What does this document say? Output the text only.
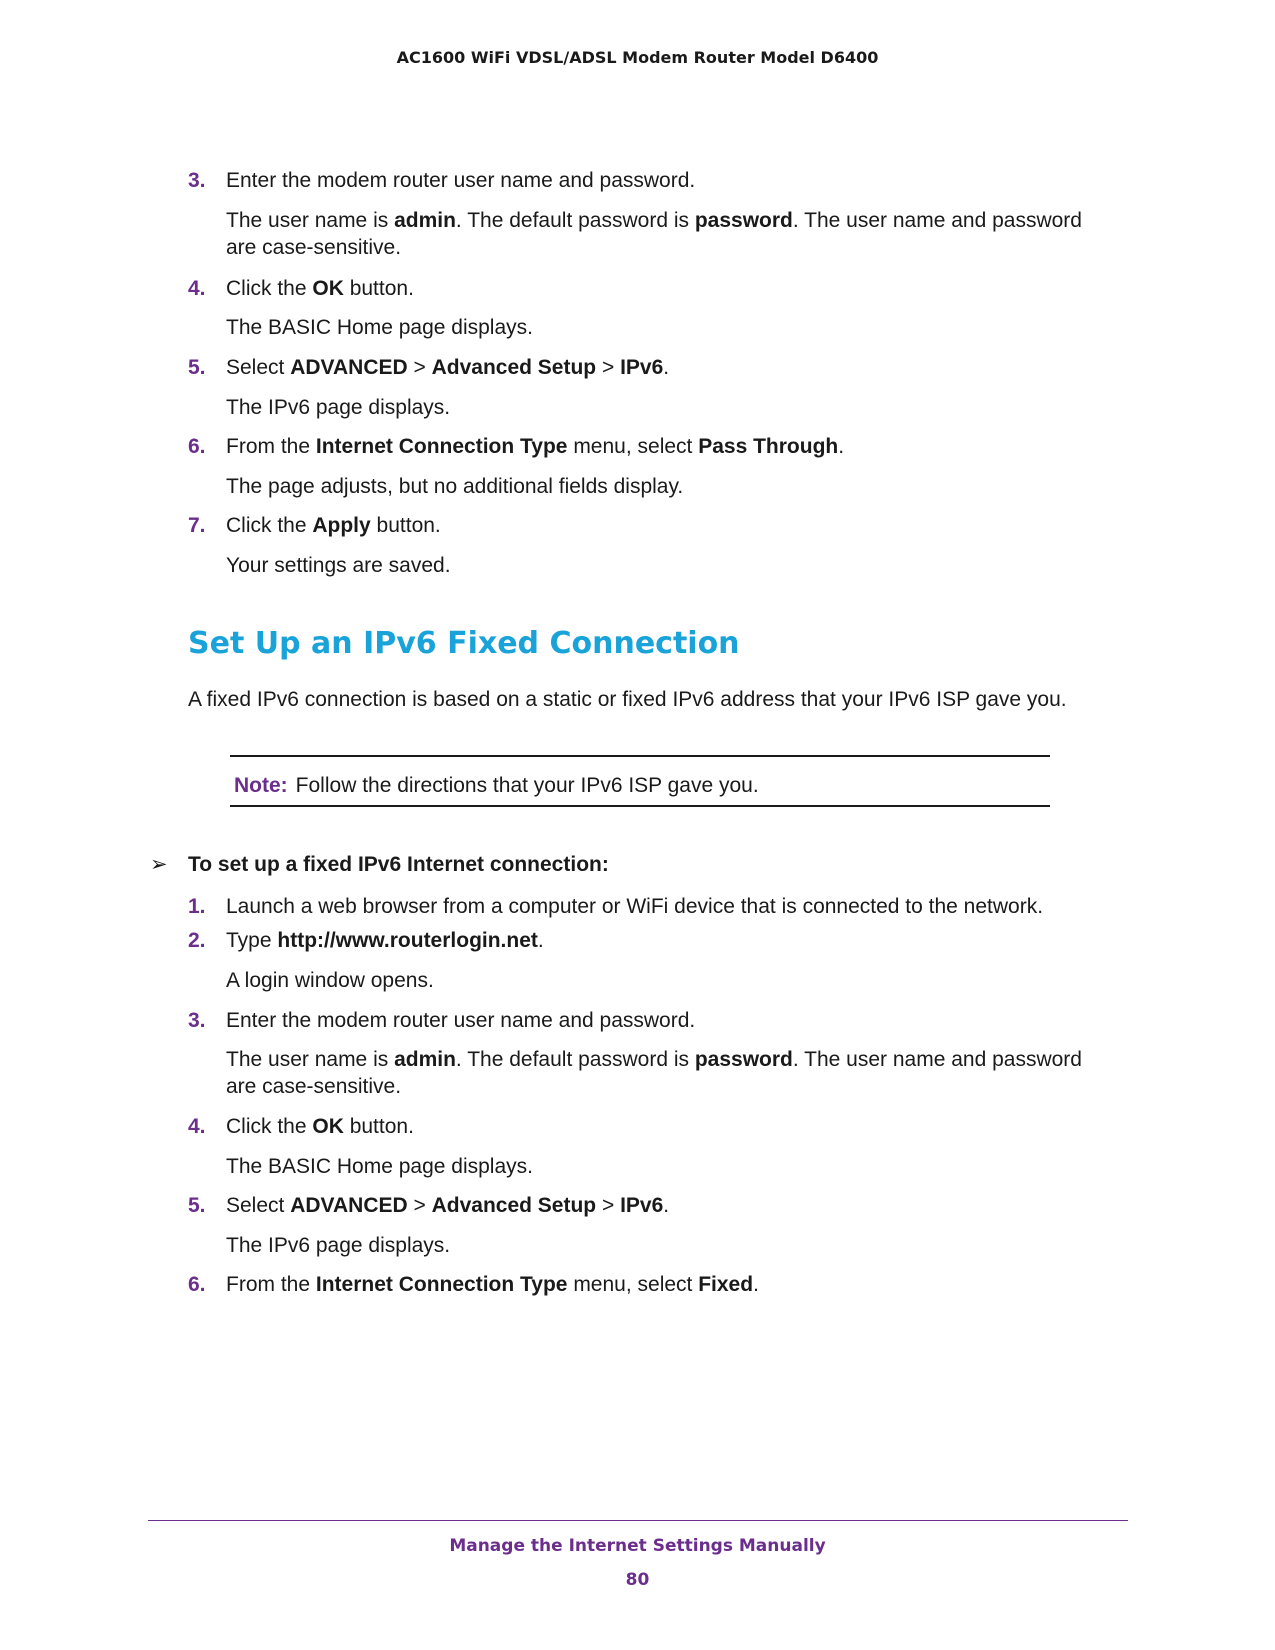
AC1600 WiFi VDSL/ADSL Modem Router Model D6400
3. Enter the modem router user name and password.
The user name is admin. The default password is password. The user name and password are case-sensitive.
4. Click the OK button.
The BASIC Home page displays.
5. Select ADVANCED > Advanced Setup > IPv6.
The IPv6 page displays.
6. From the Internet Connection Type menu, select Pass Through.
The page adjusts, but no additional fields display.
7. Click the Apply button.
Your settings are saved.
Set Up an IPv6 Fixed Connection
A fixed IPv6 connection is based on a static or fixed IPv6 address that your IPv6 ISP gave you.
Note: Follow the directions that your IPv6 ISP gave you.
➢ To set up a fixed IPv6 Internet connection:
1. Launch a web browser from a computer or WiFi device that is connected to the network.
2. Type http://www.routerlogin.net.
A login window opens.
3. Enter the modem router user name and password.
The user name is admin. The default password is password. The user name and password are case-sensitive.
4. Click the OK button.
The BASIC Home page displays.
5. Select ADVANCED > Advanced Setup > IPv6.
The IPv6 page displays.
6. From the Internet Connection Type menu, select Fixed.
Manage the Internet Settings Manually
80
